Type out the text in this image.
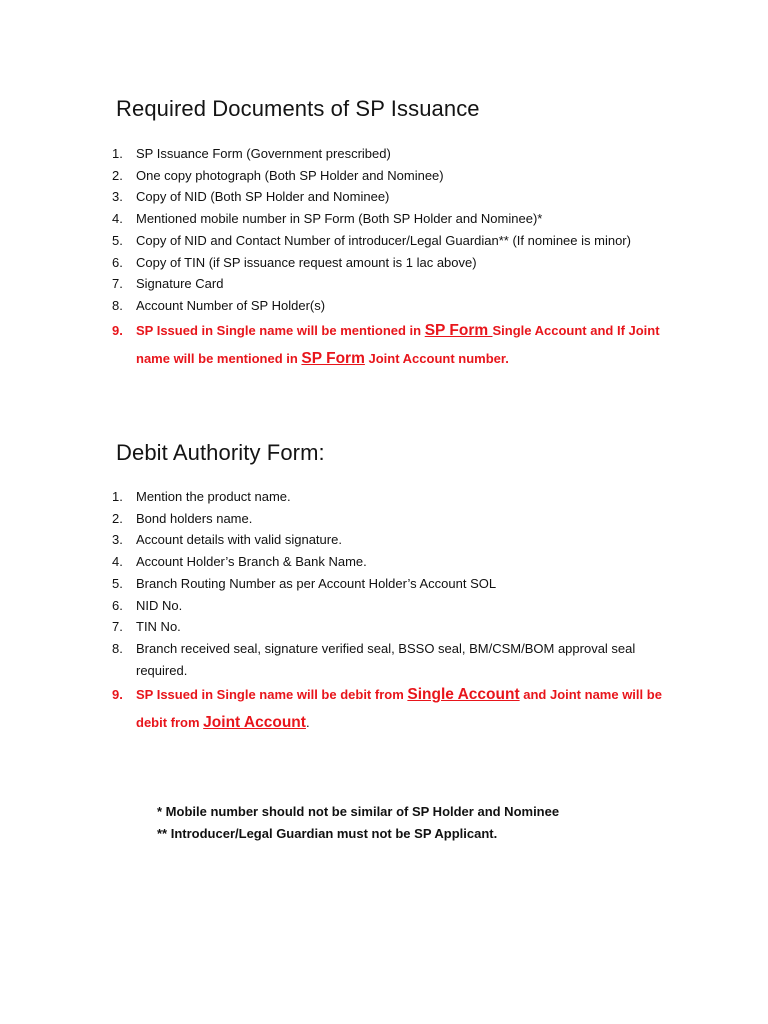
Required Documents of SP Issuance
1. SP Issuance Form (Government prescribed)
2. One copy photograph (Both SP Holder and Nominee)
3. Copy of NID (Both SP Holder and Nominee)
4. Mentioned mobile number in SP Form (Both SP Holder and Nominee)*
5. Copy of NID and Contact Number of introducer/Legal Guardian** (If nominee is minor)
6. Copy of TIN (if SP issuance request amount is 1 lac above)
7. Signature Card
8. Account Number of SP Holder(s)
9. SP Issued in Single name will be mentioned in SP Form Single Account and If Joint name will be mentioned in SP Form Joint Account number.
Debit Authority Form:
1. Mention the product name.
2. Bond holders name.
3. Account details with valid signature.
4. Account Holder’s Branch & Bank Name.
5. Branch Routing Number as per Account Holder’s Account SOL
6. NID No.
7. TIN No.
8. Branch received seal, signature verified seal, BSSO seal, BM/CSM/BOM approval seal required.
9. SP Issued in Single name will be debit from Single Account and Joint name will be debit from Joint Account.
* Mobile number should not be similar of SP Holder and Nominee
** Introducer/Legal Guardian must not be SP Applicant.
